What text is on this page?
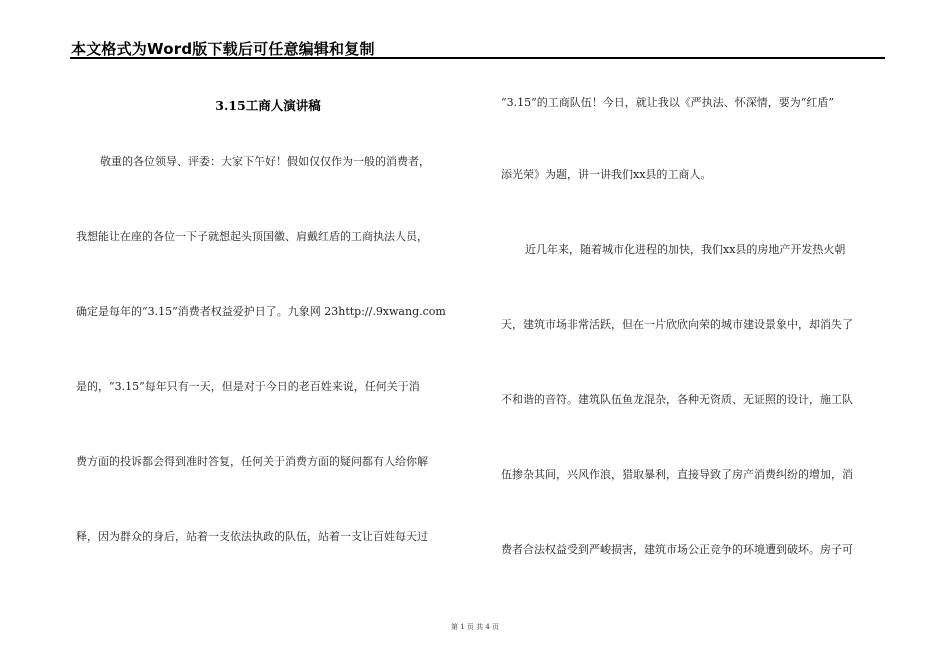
本文格式为Word版下载后可任意编辑和复制
3.15工商人演讲稿
敬重的各位领导、评委：大家下午好！假如仅仅作为一般的消费者，
我想能让在座的各位一下子就想起头顶国徽、肩戴红盾的工商执法人员，
确定是每年的“3.15”消费者权益爱护日了。九象网 23http://.9xwang.com
是的，“3.15”每年只有一天，但是对于今日的老百姓来说，任何关于消
费方面的投诉都会得到准时答复，任何关于消费方面的疑问都有人给你解
释，因为群众的身后，站着一支依法执政的队伍，站着一支让百姓每天过
“3.15”的工商队伍！今日，就让我以《严执法、怀深情，要为“红盾”
添光荣》为题，讲一讲我们xx县的工商人。
近几年来，随着城市化进程的加快，我们xx县的房地产开发热火朝
天，建筑市场非常活跃，但在一片欣欣向荣的城市建设景象中，却消失了
不和谐的音符。建筑队伍鱼龙混杂，各种无资质、无证照的设计，施工队
伍掺杂其间，兴风作浪，猎取暴利，直接导致了房产消费纠纷的增加，消
费者合法权益受到严峻损害，建筑市场公正竞争的环境遭到破坏。房子可
第 1 页 共 4 页
